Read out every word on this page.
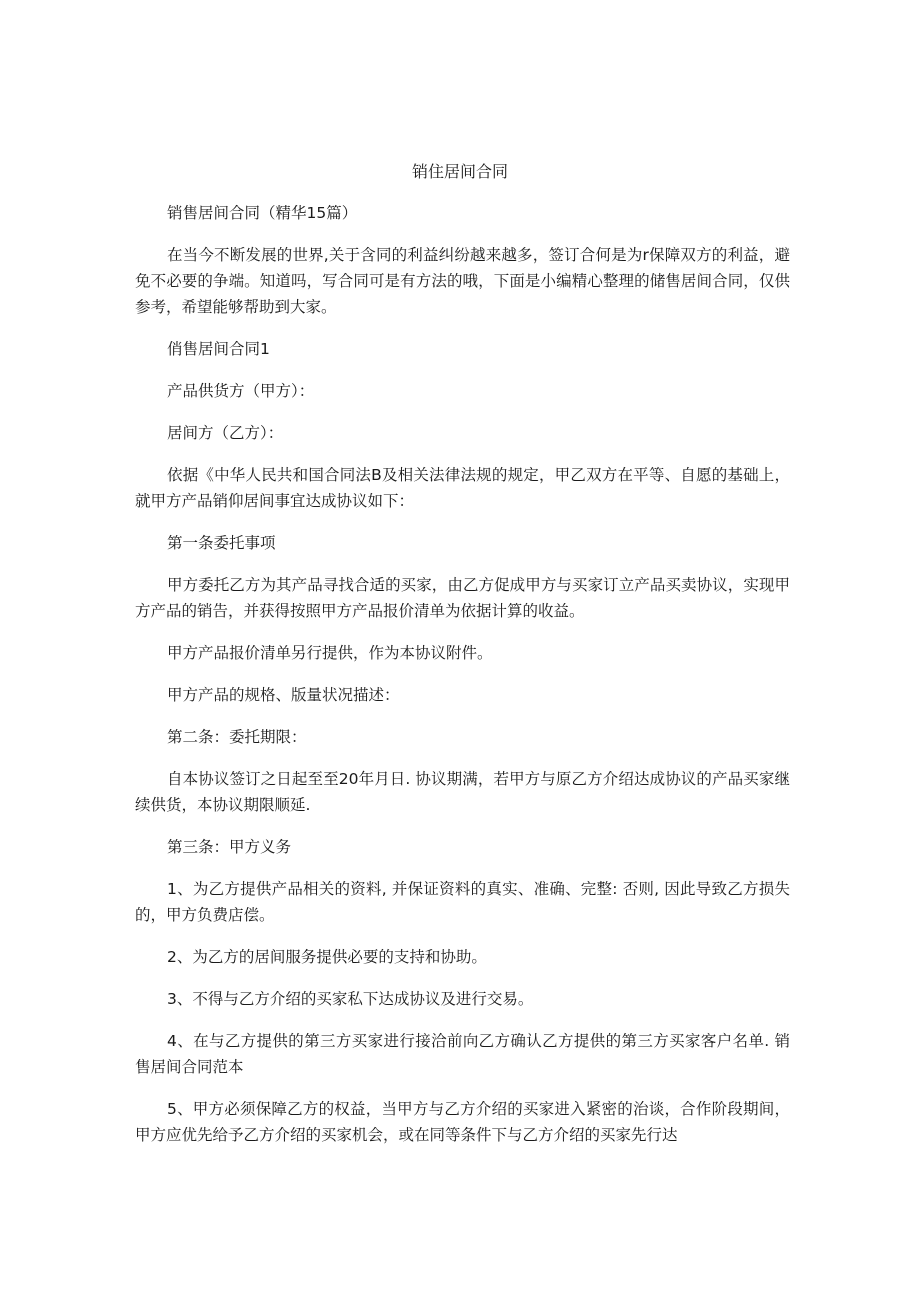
销住居间合同

销售居间合同（精华15篇）

在当今不断发展的世界,关于含同的利益纠纷越来越多，签订合何是为r保障双方的利益，避免不必要的争端。知道吗，写合同可是有方法的哦，下面是小编精心整理的储售居间合同，仅供参考，希望能够帮助到大家。

俏售居间合同1

产品供货方（甲方）：

居间方（乙方）：

依据《中华人民共和国合同法B及相关法律法规的规定，甲乙双方在平等、自愿的基础上，就甲方产品销仰居间事宜达成协议如下：

第一条委托事项

甲方委托乙方为其产品寻找合适的买家，由乙方促成甲方与买家订立产品买卖协议，实现甲方产品的销告，并获得按照甲方产品报价清单为依据计算的收益。

甲方产品报价清单另行提供，作为本协议附件。

甲方产品的规格、版量状况描述：

第二条：委托期限：

自本协议签订之日起至至20年月日. 协议期满，若甲方与原乙方介绍达成协议的产品买家继续供货，本协议期限顺延.

第三条：甲方义务

1、为乙方提供产品相关的资料, 并保证资料的真实、准确、完整: 否则, 因此导致乙方损失的，甲方负费店偿。

2、为乙方的居间服务提供必要的支持和协助。

3、不得与乙方介绍的买家私下达成协议及进行交易。

4、在与乙方提供的第三方买家进行接洽前向乙方确认乙方提供的第三方买家客户名单. 销售居间合同范本

5、甲方必须保障乙方的权益，当甲方与乙方介绍的买家进入紧密的治谈，合作阶段期间，甲方应优先给予乙方介绍的买家机会，或在同等条件下与乙方介绍的买家先行达
